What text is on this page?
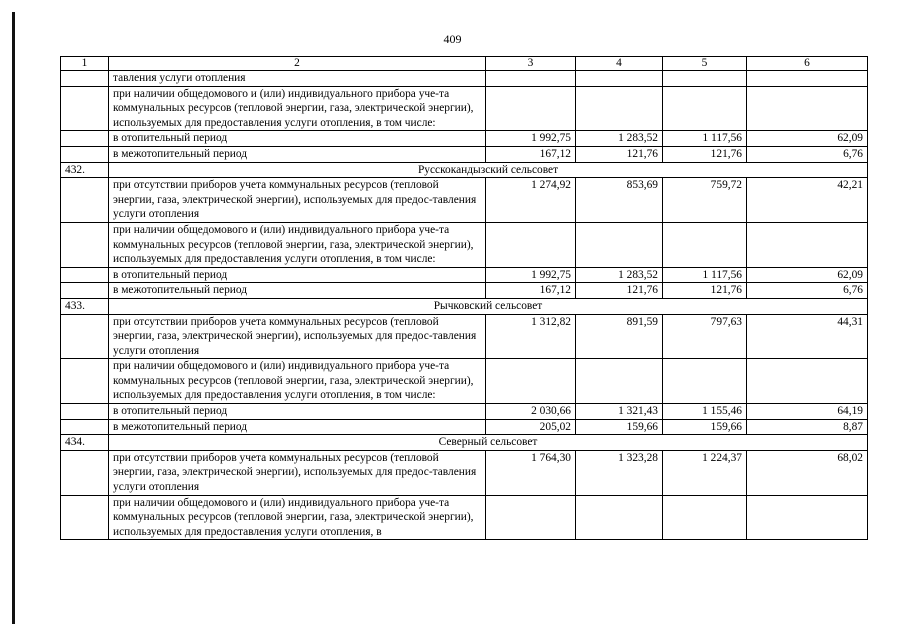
409
1	2	3	4	5	6
	тавления услуги отопления				
	при наличии общедомового и (или) индивидуального прибора уче-та коммунальных ресурсов (тепловой энергии, газа, электрической энергии), используемых для предоставления услуги отопления, в том числе:				
	в отопительный период	1 992,75	1 283,52	1 117,56	62,09
	в межотопительный период	167,12	121,76	121,76	6,76
432.	Русскокандызский сельсовет				
	при отсутствии приборов учета коммунальных ресурсов (тепловой энергии, газа, электрической энергии), используемых для предос-тавления услуги отопления	1 274,92	853,69	759,72	42,21
	при наличии общедомового и (или) индивидуального прибора уче-та коммунальных ресурсов (тепловой энергии, газа, электрической энергии), используемых для предоставления услуги отопления, в том числе:				
	в отопительный период	1 992,75	1 283,52	1 117,56	62,09
	в межотопительный период	167,12	121,76	121,76	6,76
433.	Рычковский сельсовет				
	при отсутствии приборов учета коммунальных ресурсов (тепловой энергии, газа, электрической энергии), используемых для предос-тавления услуги отопления	1 312,82	891,59	797,63	44,31
	при наличии общедомового и (или) индивидуального прибора уче-та коммунальных ресурсов (тепловой энергии, газа, электрической энергии), используемых для предоставления услуги отопления, в том числе:				
	в отопительный период	2 030,66	1 321,43	1 155,46	64,19
	в межотопительный период	205,02	159,66	159,66	8,87
434.	Северный сельсовет				
	при отсутствии приборов учета коммунальных ресурсов (тепловой энергии, газа, электрической энергии), используемых для предос-тавления услуги отопления	1 764,30	1 323,28	1 224,37	68,02
	при наличии общедомового и (или) индивидуального прибора уче-та коммунальных ресурсов (тепловой энергии, газа, электрической энергии), используемых для предоставления услуги отопления, в				
